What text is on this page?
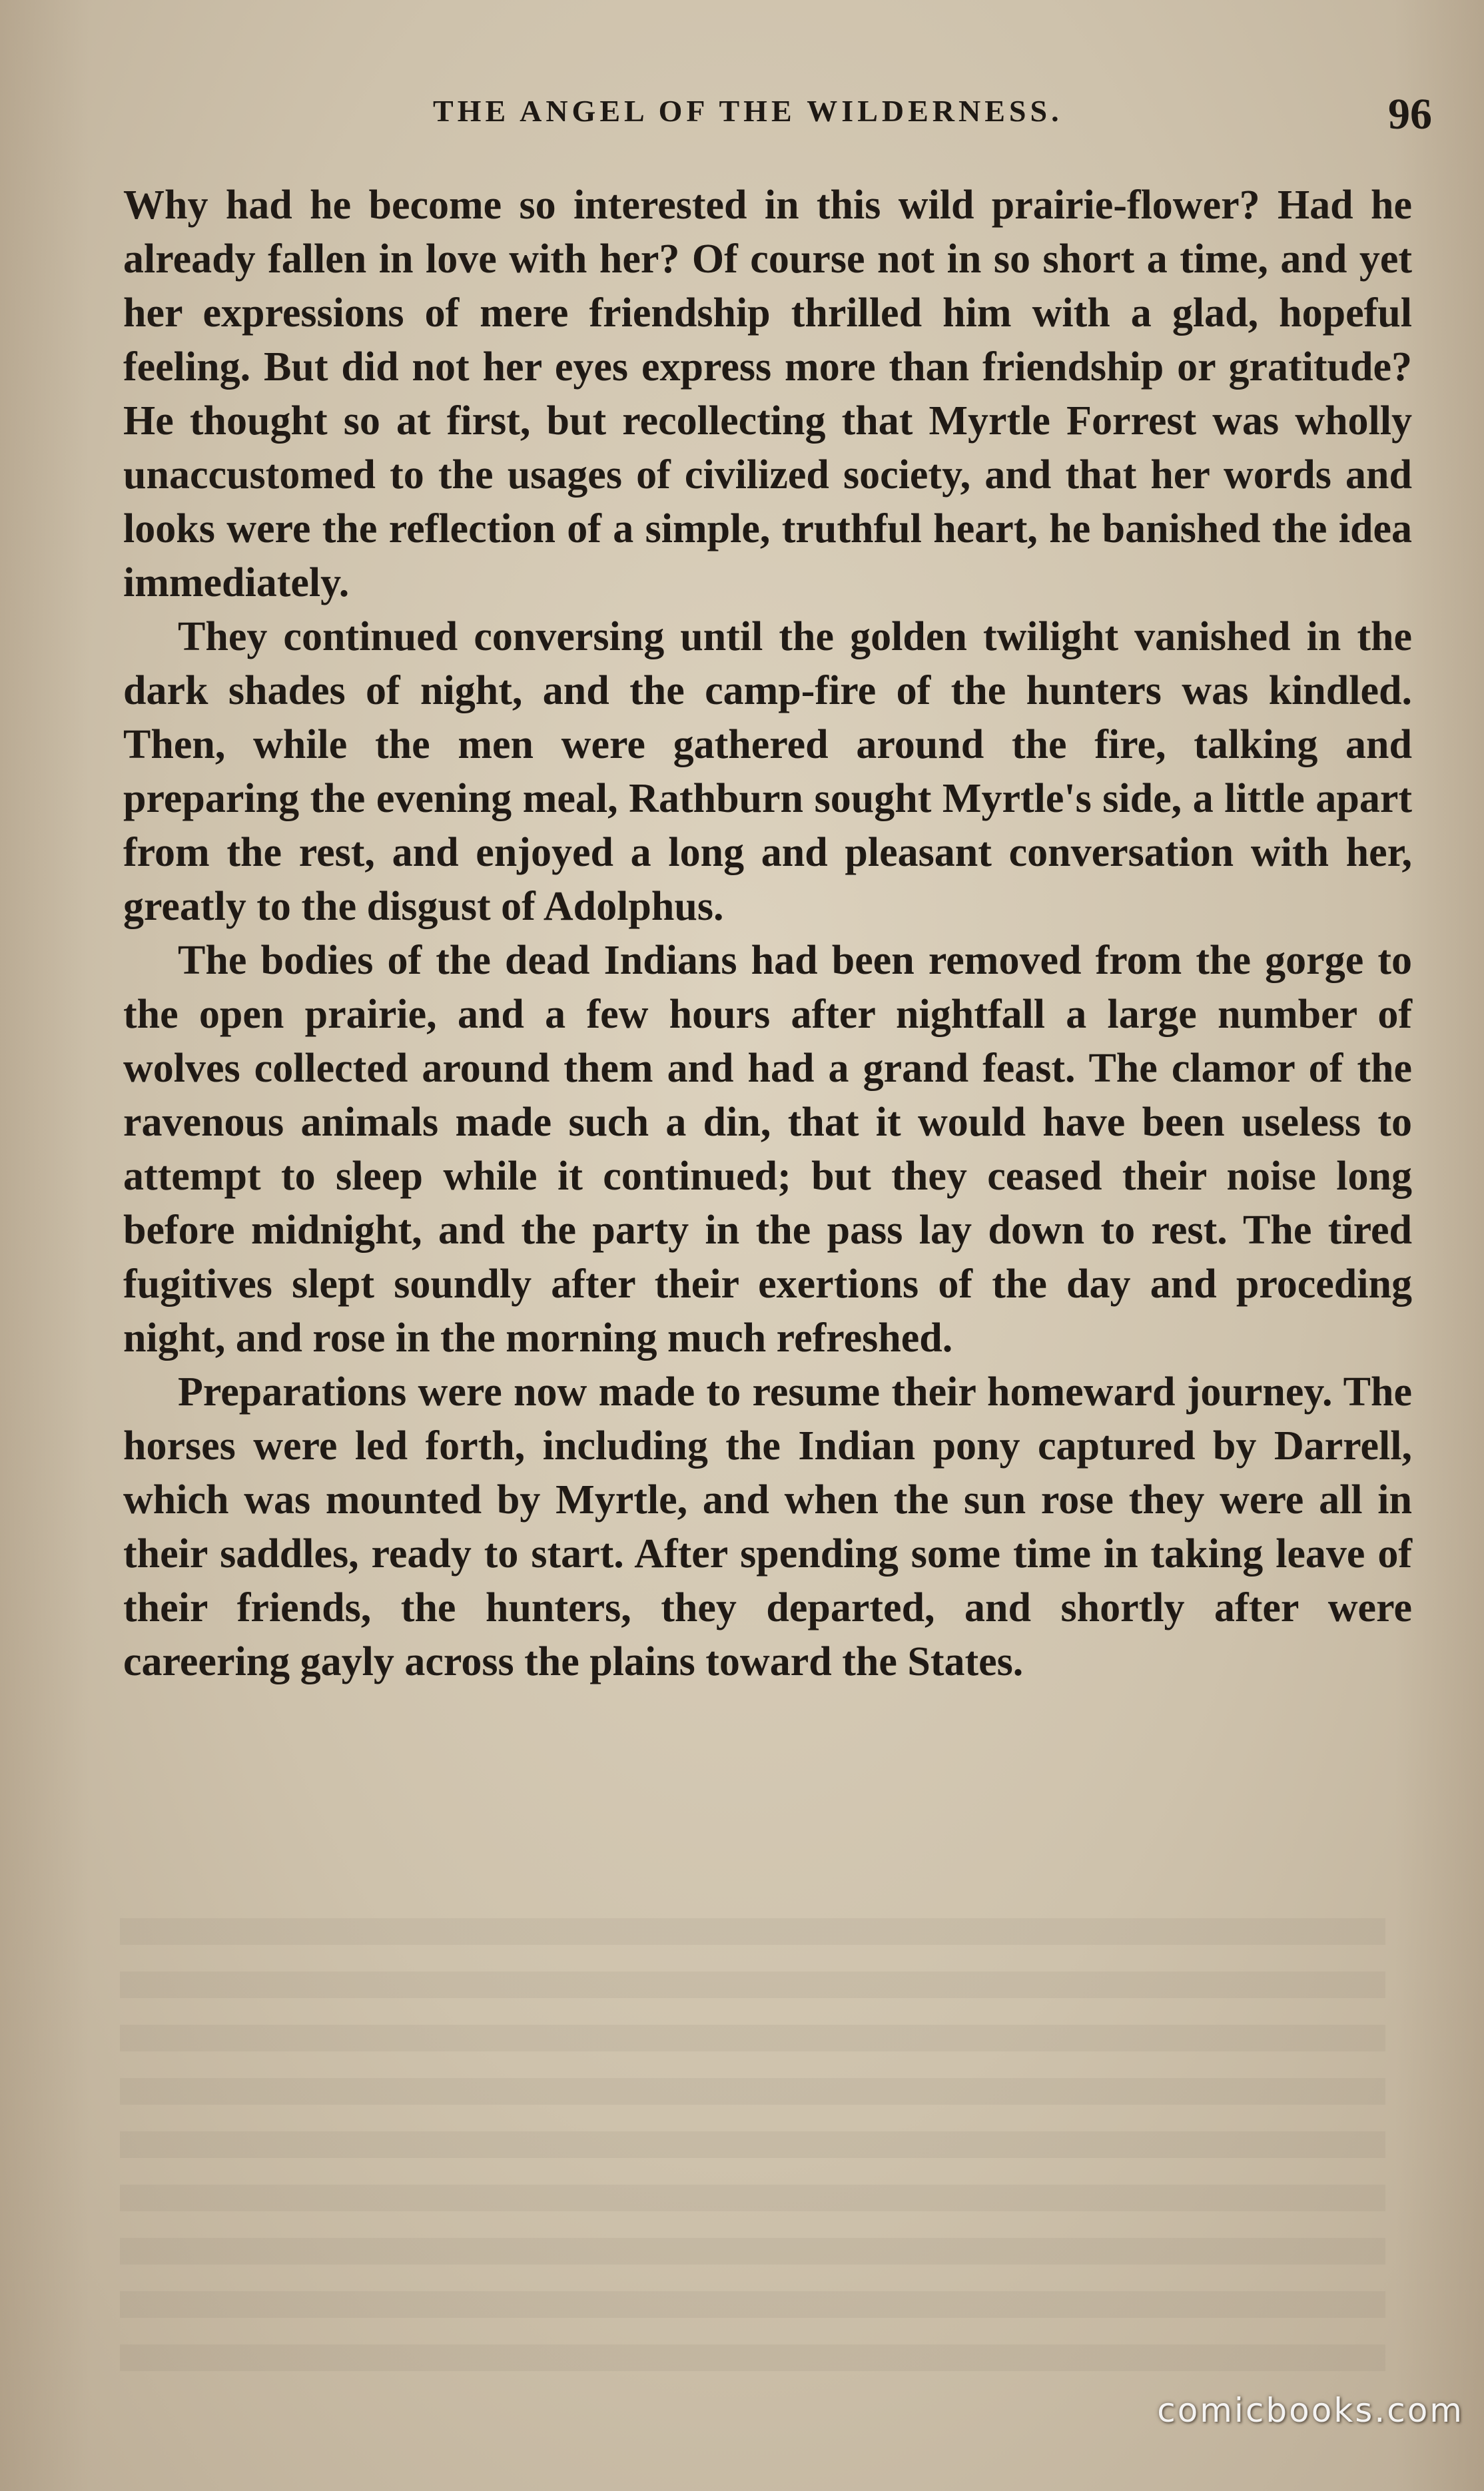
THE ANGEL OF THE WILDERNESS.	96

Why had he become so interested in this wild prairie-flower? Had he already fallen in love with her? Of course not in so short a time, and yet her expressions of mere friendship thrilled him with a glad, hopeful feeling. But did not her eyes express more than friendship or gratitude? He thought so at first, but recollecting that Myrtle Forrest was wholly unaccustomed to the usages of civilized society, and that her words and looks were the reflection of a simple, truthful heart, he banished the idea immediately.

They continued conversing until the golden twilight vanished in the dark shades of night, and the camp-fire of the hunters was kindled. Then, while the men were gathered around the fire, talking and preparing the evening meal, Rathburn sought Myrtle's side, a little apart from the rest, and enjoyed a long and pleasant conversation with her, greatly to the disgust of Adolphus.

The bodies of the dead Indians had been removed from the gorge to the open prairie, and a few hours after nightfall a large number of wolves collected around them and had a grand feast. The clamor of the ravenous animals made such a din, that it would have been useless to attempt to sleep while it continued; but they ceased their noise long before midnight, and the party in the pass lay down to rest. The tired fugitives slept soundly after their exertions of the day and proceding night, and rose in the morning much refreshed.

Preparations were now made to resume their homeward journey. The horses were led forth, including the Indian pony captured by Darrell, which was mounted by Myrtle, and when the sun rose they were all in their saddles, ready to start. After spending some time in taking leave of their friends, the hunters, they departed, and shortly after were careering gayly across the plains toward the States.

comicbooks.com
